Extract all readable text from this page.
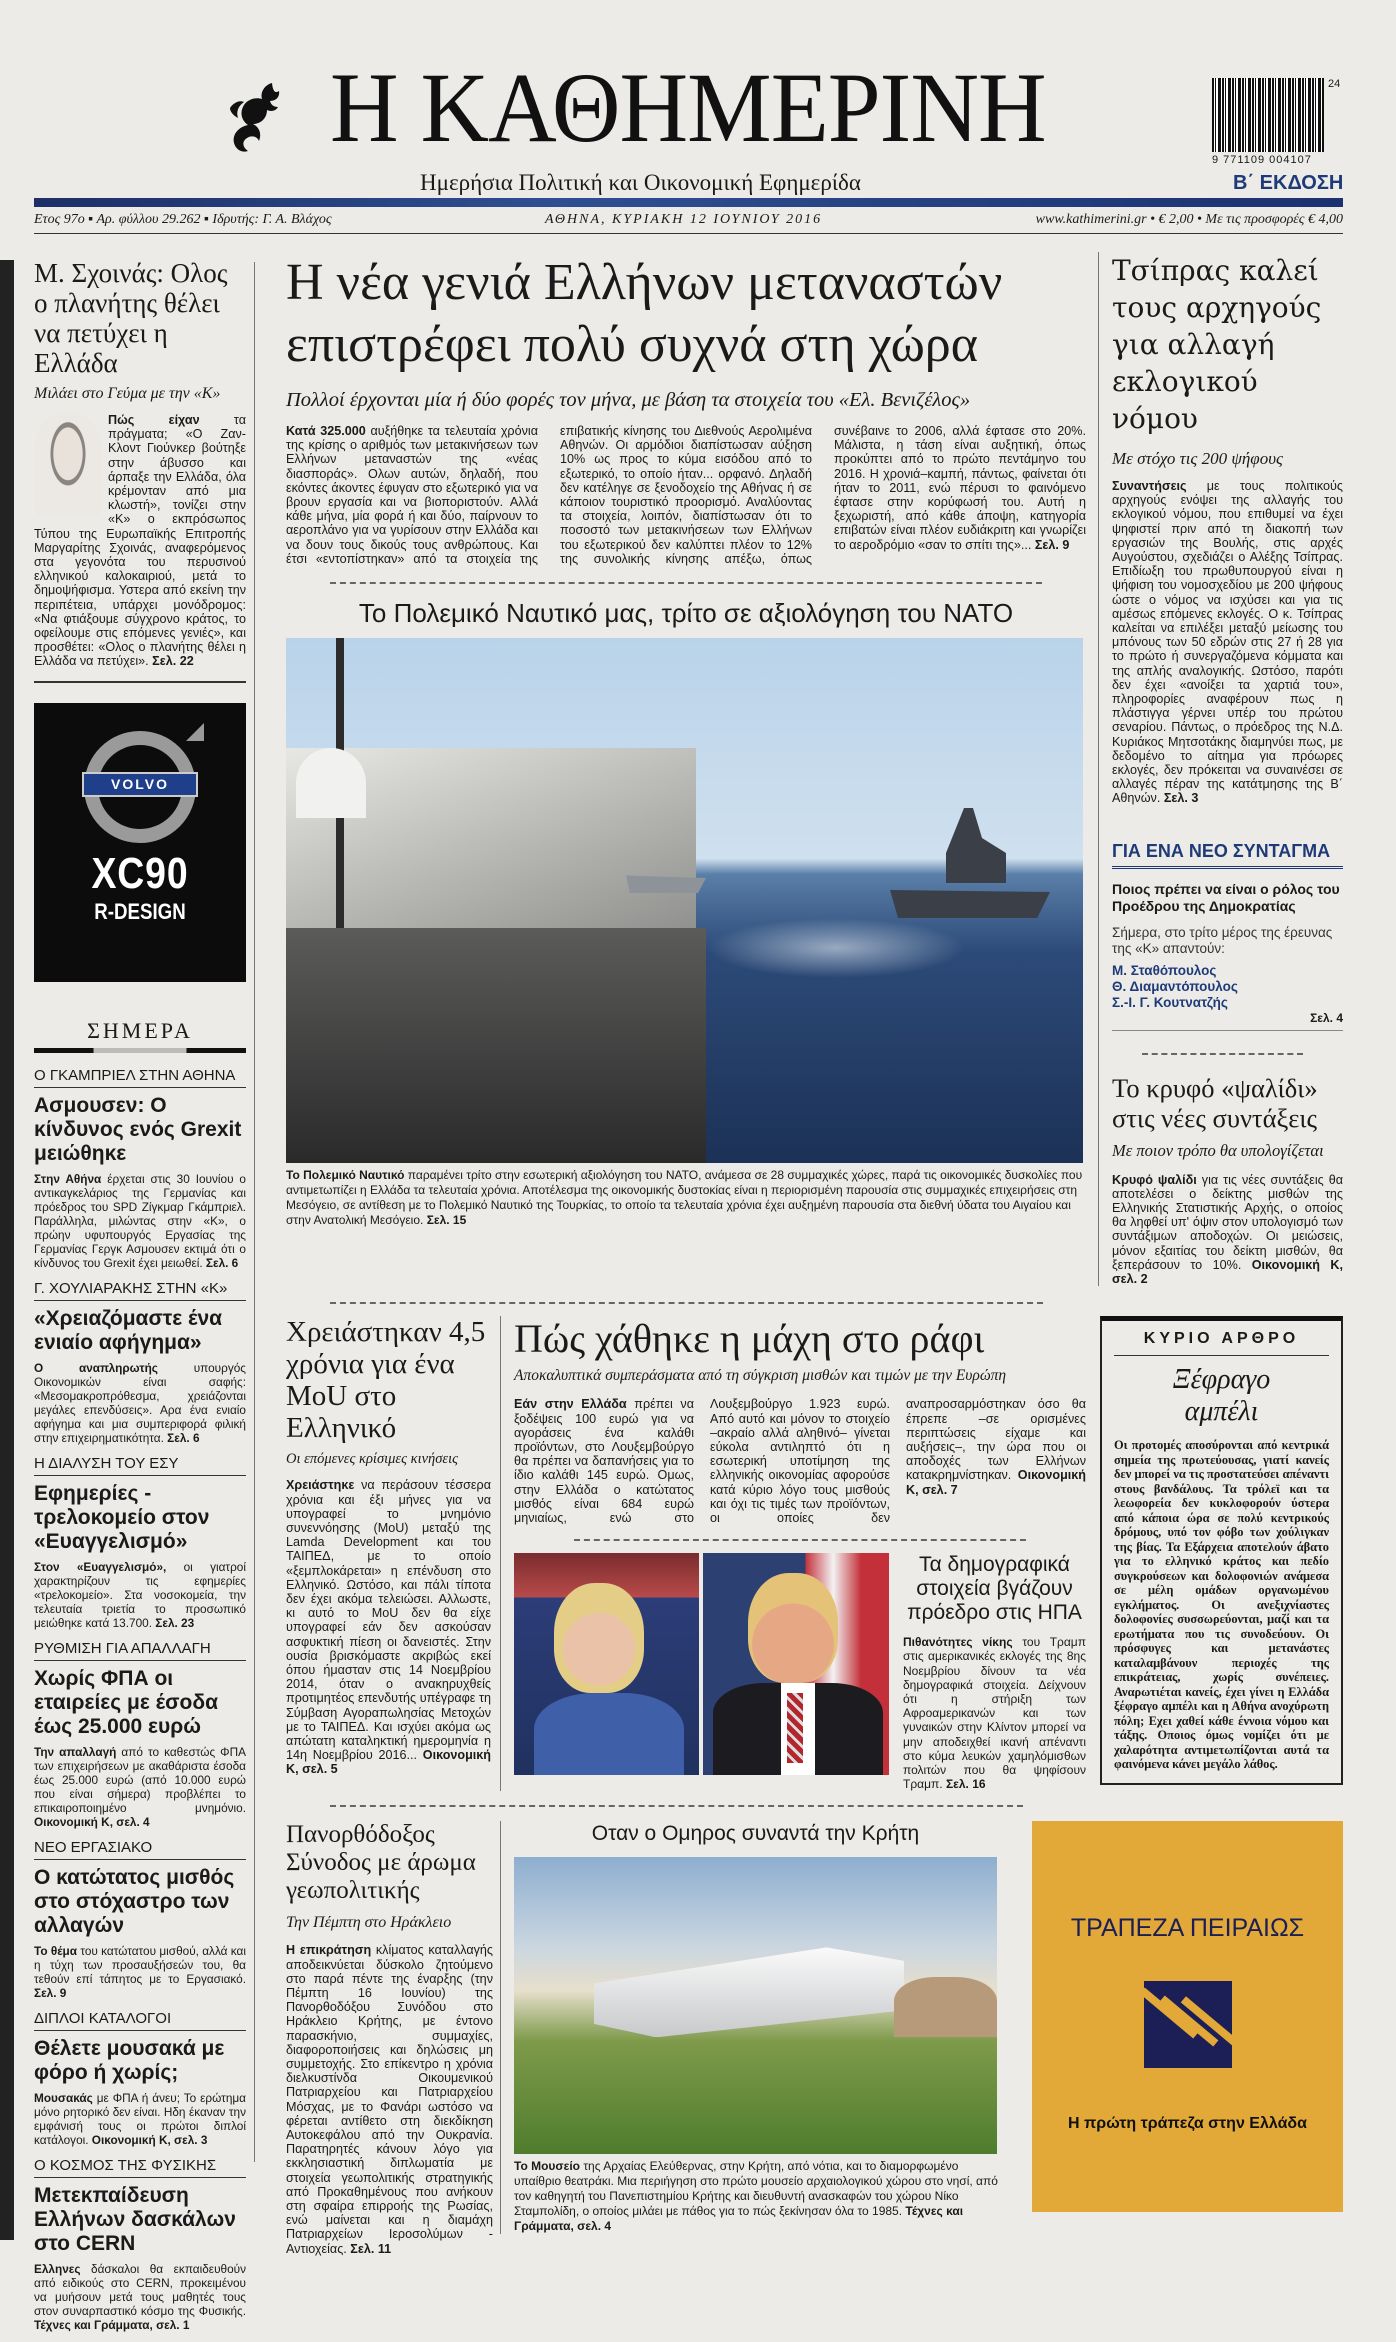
Η ΚΑΘΗΜΕΡΙΝΗ
Ημερήσια Πολιτική και Οικονομική Εφημερίδα
24
9 771109 004107
Β΄ ΕΚΔΟΣΗ
Ετος 97ο ▪ Αρ. φύλλου 29.262 ▪ Ιδρυτής: Γ. Α. Βλάχος	ΑΘΗΝΑ, ΚΥΡΙΑΚΗ 12 ΙΟΥΝΙΟΥ 2016	www.kathimerini.gr • € 2,00 • Με τις προσφορές € 4,00
Μ. Σχοινάς: Ολος ο πλανήτης θέλει να πετύχει η Ελλάδα
Μιλάει στο Γεύμα με την «Κ»
Πώς είχαν τα πράγματα; «Ο Ζαν-Κλοντ Γιούνκερ βούτηξε στην άβυσσο και άρπαξε την Ελλάδα, όλα κρέμονταν από μια κλωστή», τονίζει στην «Κ» ο εκπρόσωπος Τύπου της Ευρωπαϊκής Επιτροπής Μαργαρίτης Σχοινάς, αναφερόμενος στα γεγονότα του περυσινού ελληνικού καλοκαιριού, μετά το δημοψήφισμα. Υστερα από εκείνη την περιπέτεια, υπάρχει μονόδρομος: «Να φτιάξουμε σύγχρονο κράτος, το οφείλουμε στις επόμενες γενιές», και προσθέτει: «Ολος ο πλανήτης θέλει η Ελλάδα να πετύχει». Σελ. 22
VOLVO
XC90
R-DESIGN
ΣΗΜΕΡΑ
Ο ΓΚΑΜΠΡΙΕΛ ΣΤΗΝ ΑΘΗΝΑ
Ασμουσεν: Ο κίνδυνος ενός Grexit μειώθηκε
Στην Αθήνα έρχεται στις 30 Ιουνίου ο αντικαγκελάριος της Γερμανίας και πρόεδρος του SPD Ζίγκμαρ Γκάμπριελ. Παράλληλα, μιλώντας στην «Κ», ο πρώην υφυπουργός Εργασίας της Γερμανίας Γεργκ Ασμουσεν εκτιμά ότι ο κίνδυνος του Grexit έχει μειωθεί. Σελ. 6
Γ. ΧΟΥΛΙΑΡΑΚΗΣ ΣΤΗΝ «Κ»
«Χρειαζόμαστε ένα ενιαίο αφήγημα»
Ο αναπληρωτής υπουργός Οικονομικών είναι σαφής: «Μεσομακροπρόθεσμα, χρειάζονται μεγάλες επενδύσεις». Αρα ένα ενιαίο αφήγημα και μια συμπεριφορά φιλική στην επιχειρηματικότητα. Σελ. 6
Η ΔΙΑΛΥΣΗ ΤΟΥ ΕΣΥ
Εφημερίες - τρελοκομείο στον «Ευαγγελισμό»
Στον «Ευαγγελισμό», οι γιατροί χαρακτηρίζουν τις εφημερίες «τρελοκομείο». Στα νοσοκομεία, την τελευταία τριετία το προσωπικό μειώθηκε κατά 13.700. Σελ. 23
ΡΥΘΜΙΣΗ ΓΙΑ ΑΠΑΛΛΑΓΗ
Χωρίς ΦΠΑ οι εταιρείες με έσοδα έως 25.000 ευρώ
Την απαλλαγή από το καθεστώς ΦΠΑ των επιχειρήσεων με ακαθάριστα έσοδα έως 25.000 ευρώ (από 10.000 ευρώ που είναι σήμερα) προβλέπει το επικαιροποιημένο μνημόνιο. Οικονομική Κ, σελ. 4
ΝΕΟ ΕΡΓΑΣΙΑΚΟ
Ο κατώτατος μισθός στο στόχαστρο των αλλαγών
Το θέμα του κατώτατου μισθού, αλλά και η τύχη των προσαυξήσεών του, θα τεθούν επί τάπητος με το Εργασιακό. Σελ. 9
ΔΙΠΛΟΙ ΚΑΤΑΛΟΓΟΙ
Θέλετε μουσακά με φόρο ή χωρίς;
Μουσακάς με ΦΠΑ ή άνευ; Το ερώτημα μόνο ρητορικό δεν είναι. Ηδη έκαναν την εμφάνισή τους οι πρώτοι διπλοί κατάλογοι. Οικονομική Κ, σελ. 3
Ο ΚΟΣΜΟΣ ΤΗΣ ΦΥΣΙΚΗΣ
Μετεκπαίδευση Ελλήνων δασκάλων στο CERN
Ελληνες δάσκαλοι θα εκπαιδευθούν από ειδικούς στο CERN, προκειμένου να μυήσουν μετά τους μαθητές τους στον συναρπαστικό κόσμο της Φυσικής. Τέχνες και Γράμματα, σελ. 1
Η νέα γενιά Ελλήνων μεταναστών επιστρέφει πολύ συχνά στη χώρα
Πολλοί έρχονται μία ή δύο φορές τον μήνα, με βάση τα στοιχεία του «Ελ. Βενιζέλος»
Κατά 325.000 αυξήθηκε τα τελευταία χρόνια της κρίσης ο αριθμός των μετακινήσεων των Ελλήνων μεταναστών της «νέας διασποράς». Ολων αυτών, δηλαδή, που εκόντες άκοντες έφυγαν στο εξωτερικό για να βρουν εργασία και να βιοποριστούν. Αλλά κάθε μήνα, μία φορά ή και δύο, παίρνουν το αεροπλάνο για να γυρίσουν στην Ελλάδα και να δουν τους δικούς τους ανθρώπους. Και έτσι «εντοπίστηκαν» από τα στοιχεία της επιβατικής κίνησης του Διεθνούς Αερολιμένα Αθηνών. Οι αρμόδιοι διαπίστωσαν αύξηση 10% ως προς το κύμα εισόδου από το εξωτερικό, το οποίο ήταν... ορφανό. Δηλαδή δεν κατέληγε σε ξενοδοχείο της Αθήνας ή σε κάποιον τουριστικό προορισμό. Αναλύοντας τα στοιχεία, λοιπόν, διαπίστωσαν ότι το ποσοστό των μετακινήσεων των Ελλήνων του εξωτερικού δεν καλύπτει πλέον το 12% της συνολικής κίνησης απέξω, όπως συνέβαινε το 2006, αλλά έφτασε στο 20%. Μάλιστα, η τάση είναι αυξητική, όπως προκύπτει από το πρώτο πεντάμηνο του 2016. Η χρονιά–καμπή, πάντως, φαίνεται ότι ήταν το 2011, ενώ πέρυσι το φαινόμενο έφτασε στην κορύφωσή του. Αυτή η ξεχωριστή, από κάθε άποψη, κατηγορία επιβατών είναι πλέον ευδιάκριτη και γνωρίζει το αεροδρόμιο «σαν το σπίτι της»... Σελ. 9
Το Πολεμικό Ναυτικό μας, τρίτο σε αξιολόγηση του ΝΑΤΟ
Το Πολεμικό Ναυτικό παραμένει τρίτο στην εσωτερική αξιολόγηση του ΝΑΤΟ, ανάμεσα σε 28 συμμαχικές χώρες, παρά τις οικονομικές δυσκολίες που αντιμετωπίζει η Ελλάδα τα τελευταία χρόνια. Αποτέλεσμα της οικονομικής δυστοκίας είναι η περιορισμένη παρουσία στις συμμαχικές επιχειρήσεις στη Μεσόγειο, σε αντίθεση με το Πολεμικό Ναυτικό της Τουρκίας, το οποίο τα τελευταία χρόνια έχει αυξημένη παρουσία στα διεθνή ύδατα του Αιγαίου και στην Ανατολική Μεσόγειο. Σελ. 15
Τσίπρας καλεί τους αρχηγούς για αλλαγή εκλογικού νόμου
Με στόχο τις 200 ψήφους
Συναντήσεις με τους πολιτικούς αρχηγούς ενόψει της αλλαγής του εκλογικού νόμου, που επιθυμεί να έχει ψηφιστεί πριν από τη διακοπή των εργασιών της Βουλής, στις αρχές Αυγούστου, σχεδιάζει ο Αλέξης Τσίπρας. Επιδίωξη του πρωθυπουργού είναι η ψήφιση του νομοσχεδίου με 200 ψήφους ώστε ο νόμος να ισχύσει και για τις αμέσως επόμενες εκλογές. Ο κ. Τσίπρας καλείται να επιλέξει μεταξύ μείωσης του μπόνους των 50 εδρών στις 27 ή 28 για το πρώτο ή συνεργαζόμενα κόμματα και της απλής αναλογικής. Ωστόσο, παρότι δεν έχει «ανοίξει τα χαρτιά του», πληροφορίες αναφέρουν πως η πλάστιγγα γέρνει υπέρ του πρώτου σεναρίου. Πάντως, ο πρόεδρος της Ν.Δ. Κυριάκος Μητσοτάκης διαμηνύει πως, με δεδομένο το αίτημα για πρόωρες εκλογές, δεν πρόκειται να συναινέσει σε αλλαγές πέραν της κατάτμησης της Β΄ Αθηνών. Σελ. 3
ΓΙΑ ΕΝΑ ΝΕΟ ΣΥΝΤΑΓΜΑ
Ποιος πρέπει να είναι ο ρόλος του Προέδρου της Δημοκρατίας
Σήμερα, στο τρίτο μέρος της έρευνας της «Κ» απαντούν:
Μ. Σταθόπουλος
Θ. Διαμαντόπουλος
Σ.-Ι. Γ. Κουτνατζής
Σελ. 4
Το κρυφό «ψαλίδι» στις νέες συντάξεις
Με ποιον τρόπο θα υπολογίζεται
Κρυφό ψαλίδι για τις νέες συντάξεις θα αποτελέσει ο δείκτης μισθών της Ελληνικής Στατιστικής Αρχής, ο οποίος θα ληφθεί υπ' όψιν στον υπολογισμό των συντάξιμων αποδοχών. Οι μειώσεις, μόνον εξαιτίας του δείκτη μισθών, θα ξεπεράσουν το 10%. Οικονομική Κ, σελ. 2
Χρειάστηκαν 4,5 χρόνια για ένα MoU στο Ελληνικό
Οι επόμενες κρίσιμες κινήσεις
Χρειάστηκε να περάσουν τέσσερα χρόνια και έξι μήνες για να υπογραφεί το μνημόνιο συνεννόησης (MoU) μεταξύ της Lamda Development και του ΤΑΙΠΕΔ, με το οποίο «ξεμπλοκάρεται» η επένδυση στο Ελληνικό. Ωστόσο, και πάλι τίποτα δεν έχει ακόμα τελειώσει. Αλλωστε, κι αυτό το MoU δεν θα είχε υπογραφεί εάν δεν ασκούσαν ασφυκτική πίεση οι δανειστές. Στην ουσία βρισκόμαστε ακριβώς εκεί όπου ήμασταν στις 14 Νοεμβρίου 2014, όταν ο ανακηρυχθείς προτιμητέος επενδυτής υπέγραφε τη Σύμβαση Αγοραπωλησίας Μετοχών με το ΤΑΙΠΕΔ. Και ισχύει ακόμα ως απώτατη καταληκτική ημερομηνία η 14η Νοεμβρίου 2016... Οικονομική Κ, σελ. 5
Πώς χάθηκε η μάχη στο ράφι
Αποκαλυπτικά συμπεράσματα από τη σύγκριση μισθών και τιμών με την Ευρώπη
Εάν στην Ελλάδα πρέπει να ξοδέψεις 100 ευρώ για να αγοράσεις ένα καλάθι προϊόντων, στο Λουξεμβούργο θα πρέπει να δαπανήσεις για το ίδιο καλάθι 145 ευρώ. Ομως, στην Ελλάδα ο κατώτατος μισθός είναι 684 ευρώ μηνιαίως, ενώ στο Λουξεμβούργο 1.923 ευρώ. Από αυτό και μόνον το στοιχείο –ακραίο αλλά αληθινό– γίνεται εύκολα αντιληπτό ότι η εσωτερική υποτίμηση της ελληνικής οικονομίας αφορούσε κατά κύριο λόγο τους μισθούς και όχι τις τιμές των προϊόντων, οι οποίες δεν αναπροσαρμόστηκαν όσο θα έπρεπε –σε ορισμένες περιπτώσεις είχαμε και αυξήσεις–, την ώρα που οι αποδοχές των Ελλήνων κατακρημνίστηκαν. Οικονομική Κ, σελ. 7
Τα δημογραφικά στοιχεία βγάζουν πρόεδρο στις ΗΠΑ
Πιθανότητες νίκης του Τραμπ στις αμερικανικές εκλογές της 8ης Νοεμβρίου δίνουν τα νέα δημογραφικά στοιχεία. Δείχνουν ότι η στήριξη των Αφροαμερικανών και των γυναικών στην Κλίντον μπορεί να μην αποδειχθεί ικανή απέναντι στο κύμα λευκών χαμηλόμισθων πολιτών που θα ψηφίσουν Τραμπ. Σελ. 16
ΚΥΡΙΟ ΑΡΘΡΟ
Ξέφραγο αμπέλι
Οι προτομές αποσύρονται από κεντρικά σημεία της πρωτεύουσας, γιατί κανείς δεν μπορεί να τις προστατεύσει απέναντι στους βανδάλους. Τα τρόλεϊ και τα λεωφορεία δεν κυκλοφορούν ύστερα από κάποια ώρα σε πολύ κεντρικούς δρόμους, υπό τον φόβο των χούλιγκαν της βίας. Τα Εξάρχεια αποτελούν άβατο για το ελληνικό κράτος και πεδίο συγκρούσεων και δολοφονιών ανάμεσα σε μέλη ομάδων οργανωμένου εγκλήματος. Οι ανεξιχνίαστες δολοφονίες συσσωρεύονται, μαζί και τα ερωτήματα που τις συνοδεύουν. Οι πρόσφυγες και μετανάστες καταλαμβάνουν περιοχές της επικράτειας, χωρίς συνέπειες. Αναρωτιέται κανείς, έχει γίνει η Ελλάδα ξέφραγο αμπέλι και η Αθήνα ανοχύρωτη πόλη; Εχει χαθεί κάθε έννοια νόμου και τάξης. Οποιος όμως νομίζει ότι με χαλαρότητα αντιμετωπίζονται αυτά τα φαινόμενα κάνει μεγάλο λάθος.
Πανορθόδοξος Σύνοδος με άρωμα γεωπολιτικής
Την Πέμπτη στο Ηράκλειο
Η επικράτηση κλίματος καταλλαγής αποδεικνύεται δύσκολο ζητούμενο στο παρά πέντε της έναρξης (την Πέμπτη 16 Ιουνίου) της Πανορθοδόξου Συνόδου στο Ηράκλειο Κρήτης, με έντονο παρασκήνιο, συμμαχίες, διαφοροποιήσεις και δηλώσεις μη συμμετοχής. Στο επίκεντρο η χρόνια διελκυστίνδα Οικουμενικού Πατριαρχείου και Πατριαρχείου Μόσχας, με το Φανάρι ωστόσο να φέρεται αντίθετο στη διεκδίκηση Αυτοκεφάλου από την Ουκρανία. Παρατηρητές κάνουν λόγο για εκκλησιαστική διπλωματία με στοιχεία γεωπολιτικής στρατηγικής από Προκαθημένους που ανήκουν στη σφαίρα επιρροής της Ρωσίας, ενώ μαίνεται και η διαμάχη Πατριαρχείων Ιεροσολύμων - Αντιοχείας. Σελ. 11
Οταν ο Ομηρος συναντά την Κρήτη
Το Μουσείο της Αρχαίας Ελεύθερνας, στην Κρήτη, από νότια, και το διαμορφωμένο υπαίθριο θεατράκι. Μια περιήγηση στο πρώτο μουσείο αρχαιολογικού χώρου στο νησί, από τον καθηγητή του Πανεπιστημίου Κρήτης και διευθυντή ανασκαφών του χώρου Νίκο Σταμπολίδη, ο οποίος μιλάει με πάθος για το πώς ξεκίνησαν όλα το 1985. Τέχνες και Γράμματα, σελ. 4
ΤΡΑΠΕΖΑ ΠΕΙΡΑΙΩΣ
Η πρώτη τράπεζα στην Ελλάδα
